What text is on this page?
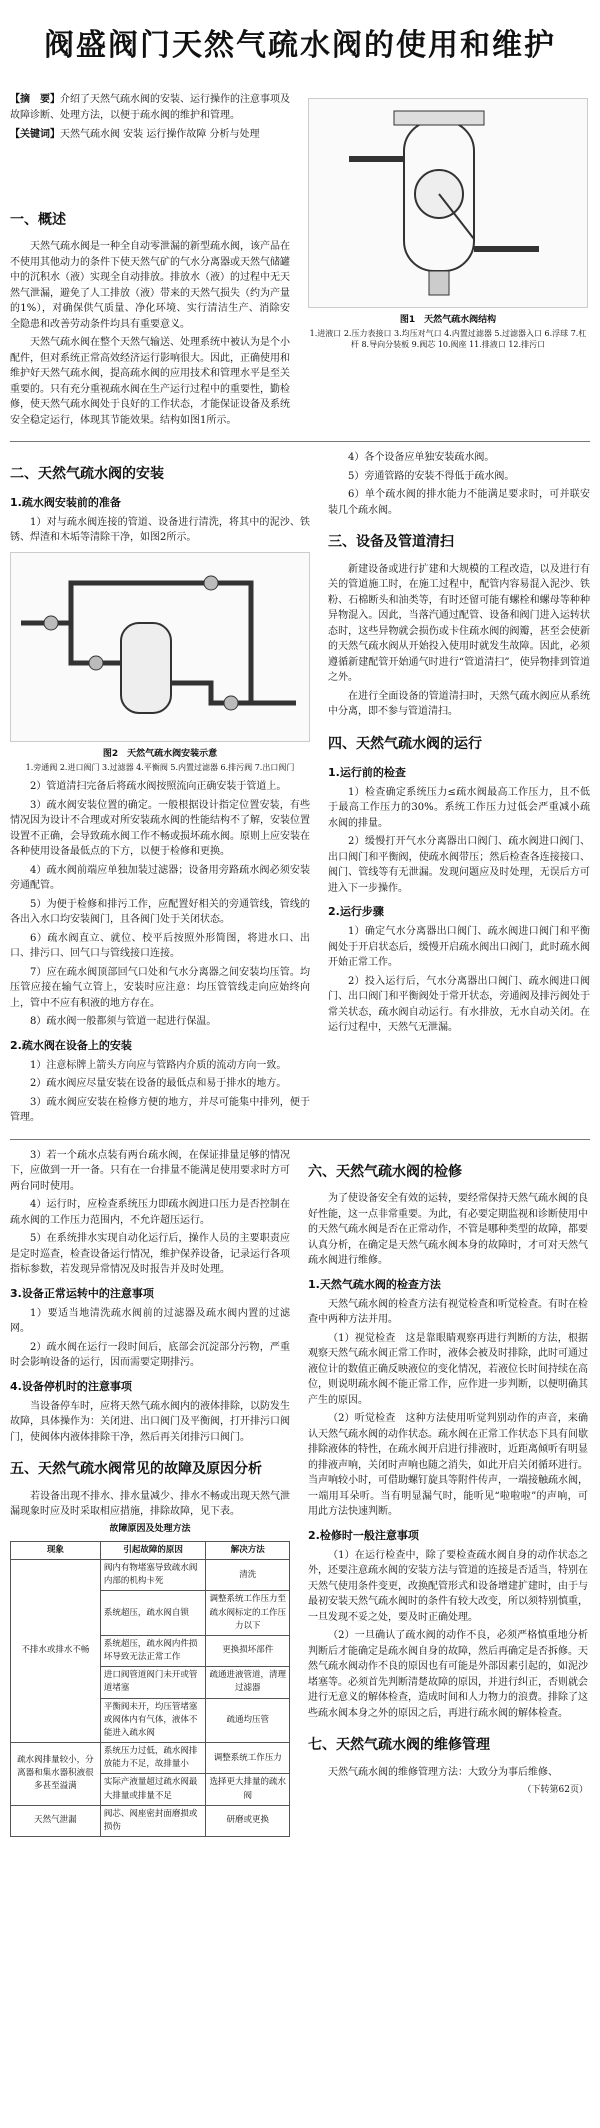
阀盛阀门天然气疏水阀的使用和维护

【摘　要】介绍了天然气疏水阀的安装、运行操作的注意事项及故障诊断、处理方法，以便于疏水阀的维护和管理。

【关键词】天然气疏水阀 安装 运行操作故障 分析与处理

一、概述

天然气疏水阀是一种全自动零泄漏的新型疏水阀，该产品在不使用其他动力的条件下使天然气矿的气水分离器或天然气储罐中的沉积水（液）实现全自动排放。排放水（液）的过程中无天然气泄漏，避免了人工排放（液）带来的天然气损失（约为产量的1%），对确保供气质量、净化环境、实行清洁生产、消除安全隐患和改善劳动条件均具有重要意义。

天然气疏水阀在整个天然气输送、处理系统中被认为是个小配件，但对系统正常高效经济运行影响很大。因此，正确使用和维护好天然气疏水阀，提高疏水阀的应用技术和管理水平是至关重要的。只有充分重视疏水阀在生产运行过程中的重要性，勤检修，使天然气疏水阀处于良好的工作状态，才能保证设备及系统安全稳定运行，体现其节能效果。结构如图1所示。

图1　天然气疏水阀结构
1.进液口 2.压力表接口 3.均压对气口 4.内置过滤器 5.过滤器入口 6.浮球 7.杠杆 8.导向分装板 9.阀芯 10.阀座 11.排液口 12.排污口
二、天然气疏水阀的安装
1.疏水阀安装前的准备

1）对与疏水阀连接的管道、设备进行清洗，将其中的泥沙、铁锈、焊渣和木垢等清除干净，如图2所示。

图2　天然气疏水阀安装示意
1.旁通阀 2.进口阀门 3.过滤器 4.平衡阀 5.内置过滤器 6.排污阀 7.出口阀门

2）管道清扫完备后将疏水阀按照流向正确安装于管道上。

3）疏水阀安装位置的确定。一般根据设计指定位置安装，有些情况因为设计不合理或对所安装疏水阀的性能结构不了解，安装位置设置不正确，会导致疏水阀工作不畅或损坏疏水阀。原则上应安装在各种使用设备最低点的下方，以便于检修和更换。

4）疏水阀前端应单独加装过滤器；设备用旁路疏水阀必须安装旁通配管。

5）为便于检修和排污工作，应配置好相关的旁通管线，管线的各出入水口均安装阀门，且各阀门处于关闭状态。

6）疏水阀直立、就位、校平后按照外形简图，将进水口、出口、排污口、回气口与管线接口连接。

7）应在疏水阀顶部回气口处和气水分离器之间安装均压管。均压管应接在输气立管上，安装时应注意：均压管管线走向应始终向上，管中不应有积液的地方存在。

8）疏水阀一般都须与管道一起进行保温。

2.疏水阀在设备上的安装

1）注意标牌上箭头方向应与管路内介质的流动方向一致。

2）疏水阀应尽量安装在设备的最低点和易于排水的地方。

3）疏水阀应安装在检修方便的地方，并尽可能集中排列，便于管理。

4）各个设备应单独安装疏水阀。

5）旁通管路的安装不得低于疏水阀。

6）单个疏水阀的排水能力不能满足要求时，可并联安装几个疏水阀。

三、设备及管道清扫

新建设备或进行扩建和大规模的工程改造，以及进行有关的管道施工时，在施工过程中，配管内容易混入泥沙、铁粉、石棉断头和油类等，有时还留可能有螺栓和螺母等种种异物混入。因此，当落汽通过配管、设备和阀门进入运转状态时，这些异物就会损伤或卡住疏水阀的阀瓣，甚至会使新的天然气疏水阀从开始投入使用时就发生故障。因此，必须遵循新建配管开始通气时进行“管道清扫”，使异物排到管道之外。

在进行全面设备的管道清扫时，天然气疏水阀应从系统中分离，即不参与管道清扫。

四、天然气疏水阀的运行
1.运行前的检查

1）检查确定系统压力≤疏水阀最高工作压力，且不低于最高工作压力的30%。系统工作压力过低会严重减小疏水阀的排量。

2）缓慢打开气水分离器出口阀门、疏水阀进口阀门、出口阀门和平衡阀，使疏水阀带压；然后检查各连接接口、阀门、管线等有无泄漏。发现问题应及时处理，无误后方可进入下一步操作。

2.运行步骤

1）确定气水分离器出口阀门、疏水阀进口阀门和平衡阀处于开启状态后，缓慢开启疏水阀出口阀门，此时疏水阀开始正常工作。

2）投入运行后，气水分离器出口阀门、疏水阀进口阀门、出口阀门和平衡阀处于常开状态，旁通阀及排污阀处于常关状态，疏水阀自动运行。有水排放，无水自动关闭。在运行过程中，天然气无泄漏。

3）若一个疏水点装有两台疏水阀，在保证排量足够的情况下，应做到一开一备。只有在一台排量不能满足使用要求时方可两台同时使用。

4）运行时，应检查系统压力即疏水阀进口压力是否控制在疏水阀的工作压力范围内，不允许超压运行。

5）在系统排水实现自动化运行后，操作人员的主要职责应是定时巡查，检查设备运行情况，维护保养设备，记录运行各项指标参数，若发现异常情况及时报告并及时处理。

3.设备正常运转中的注意事项

1）要适当地清洗疏水阀前的过滤器及疏水阀内置的过滤网。

2）疏水阀在运行一段时间后，底部会沉淀部分污物，严重时会影响设备的运行，因而需要定期排污。

4.设备停机时的注意事项

当设备停车时，应将天然气疏水阀内的液体排除，以防发生故障，具体操作为：关闭进、出口阀门及平衡阀，打开排污口阀门，使阀体内液体排除干净，然后再关闭排污口阀门。

五、天然气疏水阀常见的故障及原因分析

若设备出现不排水、排水量减少、排水不畅或出现天然气泄漏现象时应及时采取相应措施，排除故障，见下表。

故障原因及处理方法
现象	引起故障的原因	解决方法
不排水或排水不畅	阀内有物堵塞导致疏水阀内部的机构卡死	清洗
	系统超压，疏水阀自锁	调整系统工作压力至疏水阀标定的工作压力以下
	系统超压，疏水阀内件损坏导致无法正常工作	更换损坏部件
	进口阀管道阀门未开或管道堵塞	疏通进液管道，清理过滤器
	平衡阀未开，均压管堵塞或阀体内有气体，液体不能进入疏水阀	疏通均压管
疏水阀排量较小，分离器和集水器积液很多甚至溢满	系统压力过低，疏水阀排放能力不足，故排量小	调整系统工作压力
	实际产液量超过疏水阀最大排量或排量不足	选择更大排量的疏水阀
天然气泄漏	阀芯、阀座密封面磨损或损伤	研磨或更换
六、天然气疏水阀的检修

为了使设备安全有效的运转，要经常保持天然气疏水阀的良好性能，这一点非常重要。为此，有必要定期监视和诊断使用中的天然气疏水阀是否在正常动作，不管是哪种类型的故障，都要认真分析，在确定是天然气疏水阀本身的故障时，才可对天然气疏水阀进行维修。

1.天然气疏水阀的检查方法

天然气疏水阀的检查方法有视觉检查和听觉检查。有时在检查中两种方法并用。

（1）视觉检查　这是靠眼睛观察再进行判断的方法，根据观察天然气疏水阀正常工作时，液体会被及时排除，此时可通过液位计的数值正确反映液位的变化情况，若液位长时间持续在高位，则说明疏水阀不能正常工作，应作进一步判断，以便明确其产生的原因。

（2）听觉检查　这种方法使用听觉判别动作的声音，来确认天然气疏水阀的动作状态。疏水阀在正常工作状态下具有间歇排除液体的特性，在疏水阀开启进行排液时，近距离倾听有明显的排液声响，关闭时声响也随之消失，如此开启关闭循环进行。当声响较小时，可借助螺钉旋具等附件传声，一端接触疏水阀，一端用耳朵听。当有明显漏气时，能听见“啦啦啦”的声响，可用此方法快速判断。

2.检修时一般注意事项

（1）在运行检查中，除了要检查疏水阀自身的动作状态之外，还要注意疏水阀的安装方法与管道的连接是否适当，特别在天然气使用条件变更，改换配管形式和设备增建扩建时，由于与最初安装天然气疏水阀时的条件有较大改变，所以须特别慎重，一旦发现不妥之处，要及时正确处理。

（2）一旦确认了疏水阀的动作不良，必须严格慎重地分析判断后才能确定是疏水阀自身的故障，然后再确定是否拆修。天然气疏水阀动作不良的原因也有可能是外部因素引起的，如泥沙堵塞等。必须首先判断清楚故障的原因，并进行纠正，否则就会进行无意义的解体检查，造成时间和人力物力的浪费。排除了这些疏水阀本身之外的原因之后，再进行疏水阀的解体检查。

七、天然气疏水阀的维修管理

天然气疏水阀的维修管理方法：大致分为事后维修、

（下转第62页）
